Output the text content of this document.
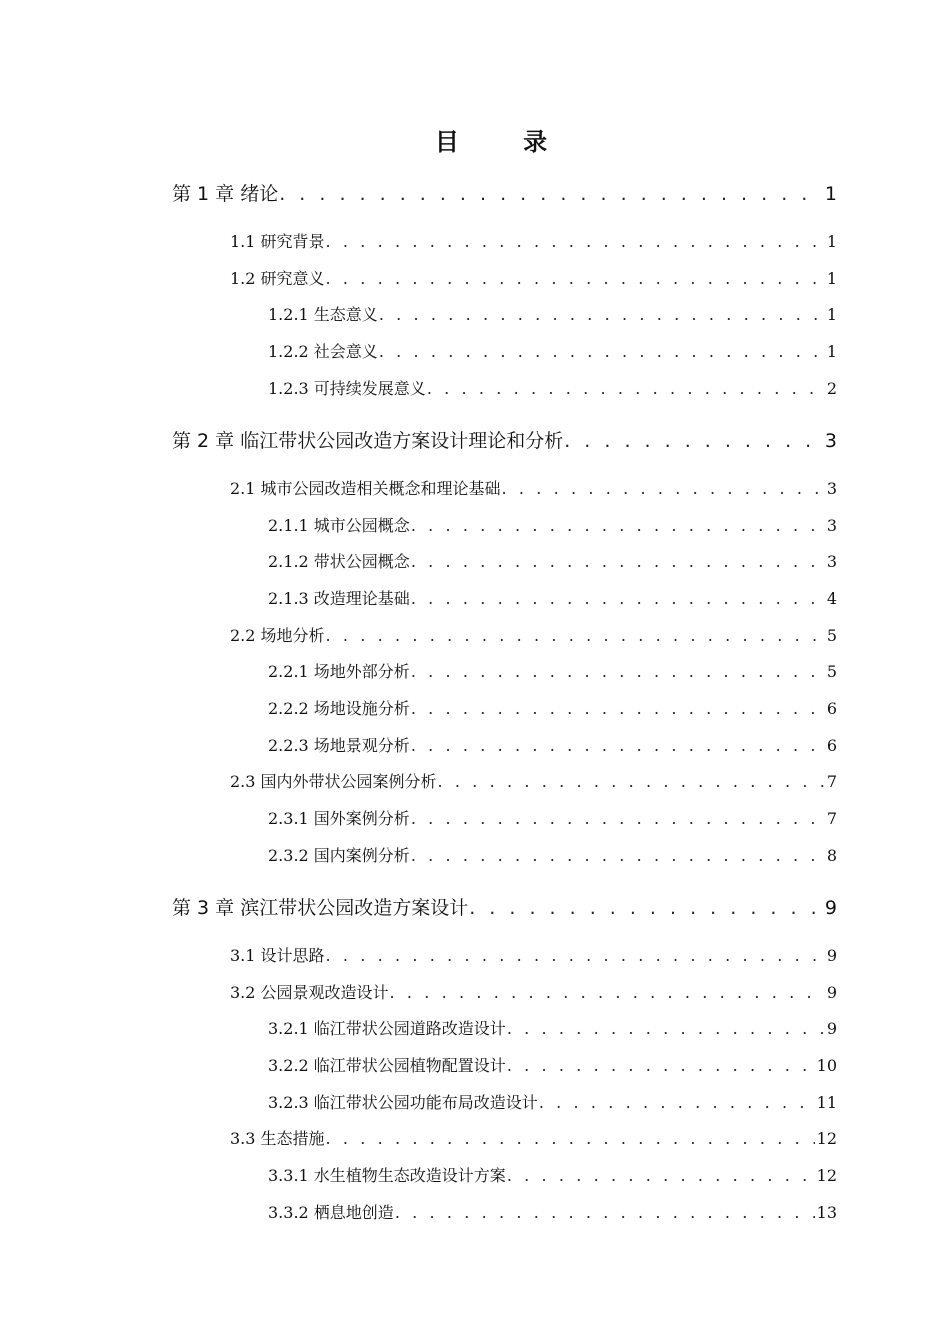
目 录
第 1 章 绪论 . . .	1
1.1 研究背景 . . .	1
1.2 研究意义 . . .	1
1.2.1 生态意义 . . .	1
1.2.2 社会意义 . . .	1
1.2.3 可持续发展意义 . . .	2
第 2 章 临江带状公园改造方案设计理论和分析 . . .	3
2.1 城市公园改造相关概念和理论基础 . . .	3
2.1.1 城市公园概念 . . .	3
2.1.2 带状公园概念 . . .	3
2.1.3 改造理论基础 . . .	4
2.2 场地分析 . . .	5
2.2.1 场地外部分析 . . .	5
2.2.2 场地设施分析 . . .	6
2.2.3 场地景观分析 . . .	6
2.3 国内外带状公园案例分析 . . .	7
2.3.1 国外案例分析 . . .	7
2.3.2 国内案例分析 . . .	8
第 3 章 滨江带状公园改造方案设计 . . .	9
3.1 设计思路 . . .	9
3.2 公园景观改造设计 . . .	9
3.2.1 临江带状公园道路改造设计 . . .	9
3.2.2 临江带状公园植物配置设计 . . .	10
3.2.3 临江带状公园功能布局改造设计 . . .	11
3.3 生态措施 . . .	12
3.3.1 水生植物生态改造设计方案 . . .	12
3.3.2 栖息地创造 . . .	13
